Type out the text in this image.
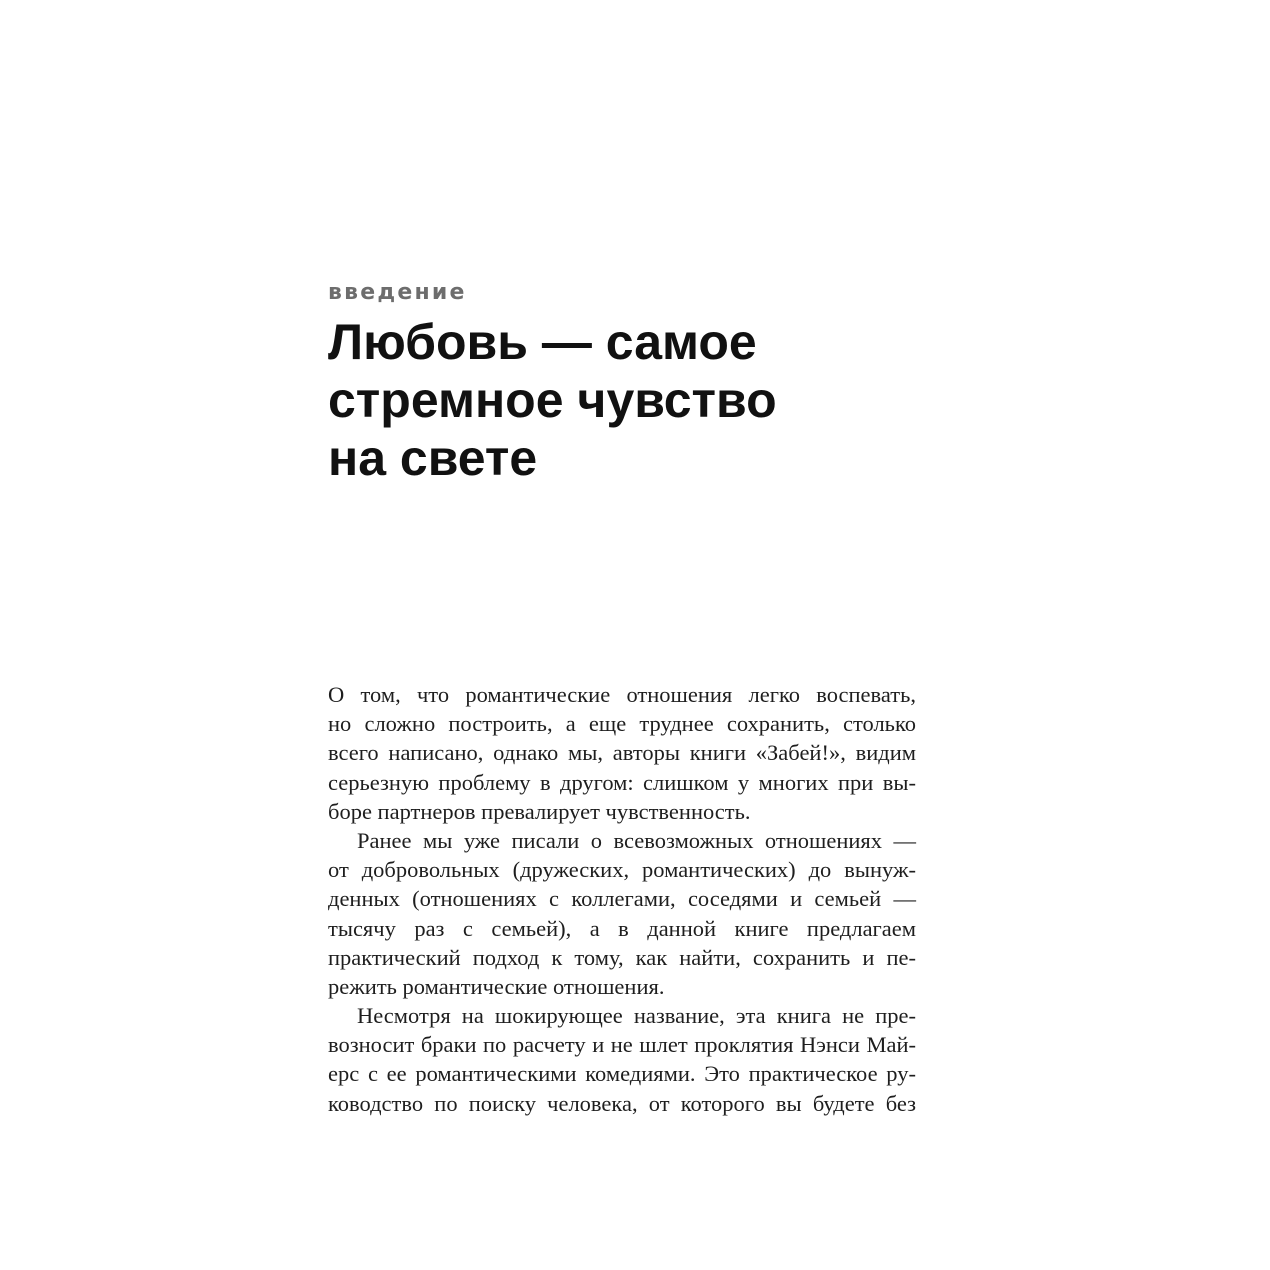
введение
Любовь — самое
стремное чувство
на свете
О том, что романтические отношения легко воспевать,
но сложно построить, а еще труднее сохранить, столько
всего написано, однако мы, авторы книги «Забей!», видим
серьезную проблему в другом: слишком у многих при вы-
боре партнеров превалирует чувственность.
Ранее мы уже писали о всевозможных отношениях —
от добровольных (дружеских, романтических) до вынуж-
денных (отношениях с коллегами, соседями и семьей —
тысячу раз с семьей), а в данной книге предлагаем
практический подход к тому, как найти, сохранить и пе-
режить романтические отношения.
Несмотря на шокирующее название, эта книга не пре-
возносит браки по расчету и не шлет проклятия Нэнси Май-
ерс с ее романтическими комедиями. Это практическое ру-
ководство по поиску человека, от которого вы будете без
